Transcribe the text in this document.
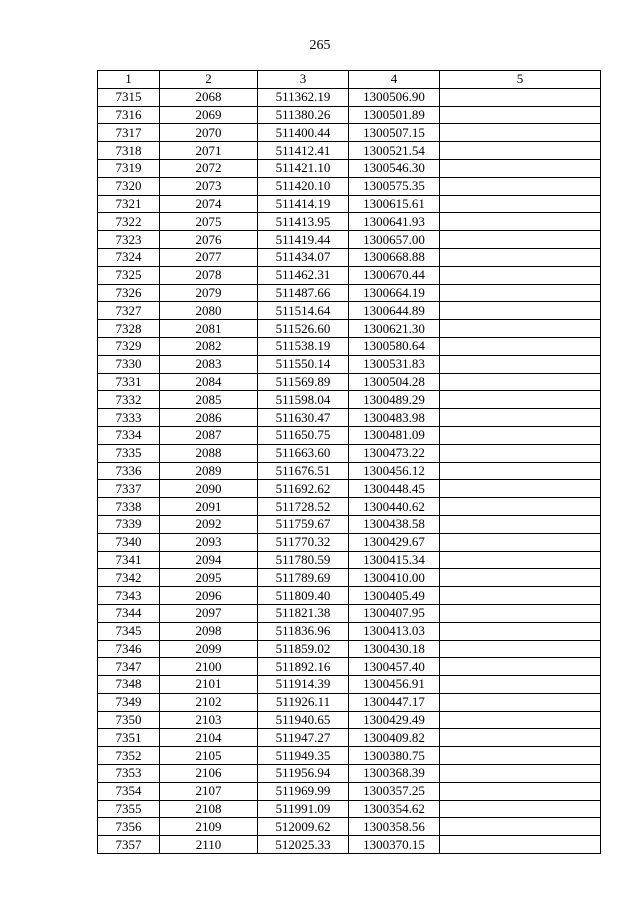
265
1	2	3	4	5
7315	2068	511362.19	1300506.90	
7316	2069	511380.26	1300501.89	
7317	2070	511400.44	1300507.15	
7318	2071	511412.41	1300521.54	
7319	2072	511421.10	1300546.30	
7320	2073	511420.10	1300575.35	
7321	2074	511414.19	1300615.61	
7322	2075	511413.95	1300641.93	
7323	2076	511419.44	1300657.00	
7324	2077	511434.07	1300668.88	
7325	2078	511462.31	1300670.44	
7326	2079	511487.66	1300664.19	
7327	2080	511514.64	1300644.89	
7328	2081	511526.60	1300621.30	
7329	2082	511538.19	1300580.64	
7330	2083	511550.14	1300531.83	
7331	2084	511569.89	1300504.28	
7332	2085	511598.04	1300489.29	
7333	2086	511630.47	1300483.98	
7334	2087	511650.75	1300481.09	
7335	2088	511663.60	1300473.22	
7336	2089	511676.51	1300456.12	
7337	2090	511692.62	1300448.45	
7338	2091	511728.52	1300440.62	
7339	2092	511759.67	1300438.58	
7340	2093	511770.32	1300429.67	
7341	2094	511780.59	1300415.34	
7342	2095	511789.69	1300410.00	
7343	2096	511809.40	1300405.49	
7344	2097	511821.38	1300407.95	
7345	2098	511836.96	1300413.03	
7346	2099	511859.02	1300430.18	
7347	2100	511892.16	1300457.40	
7348	2101	511914.39	1300456.91	
7349	2102	511926.11	1300447.17	
7350	2103	511940.65	1300429.49	
7351	2104	511947.27	1300409.82	
7352	2105	511949.35	1300380.75	
7353	2106	511956.94	1300368.39	
7354	2107	511969.99	1300357.25	
7355	2108	511991.09	1300354.62	
7356	2109	512009.62	1300358.56	
7357	2110	512025.33	1300370.15	
